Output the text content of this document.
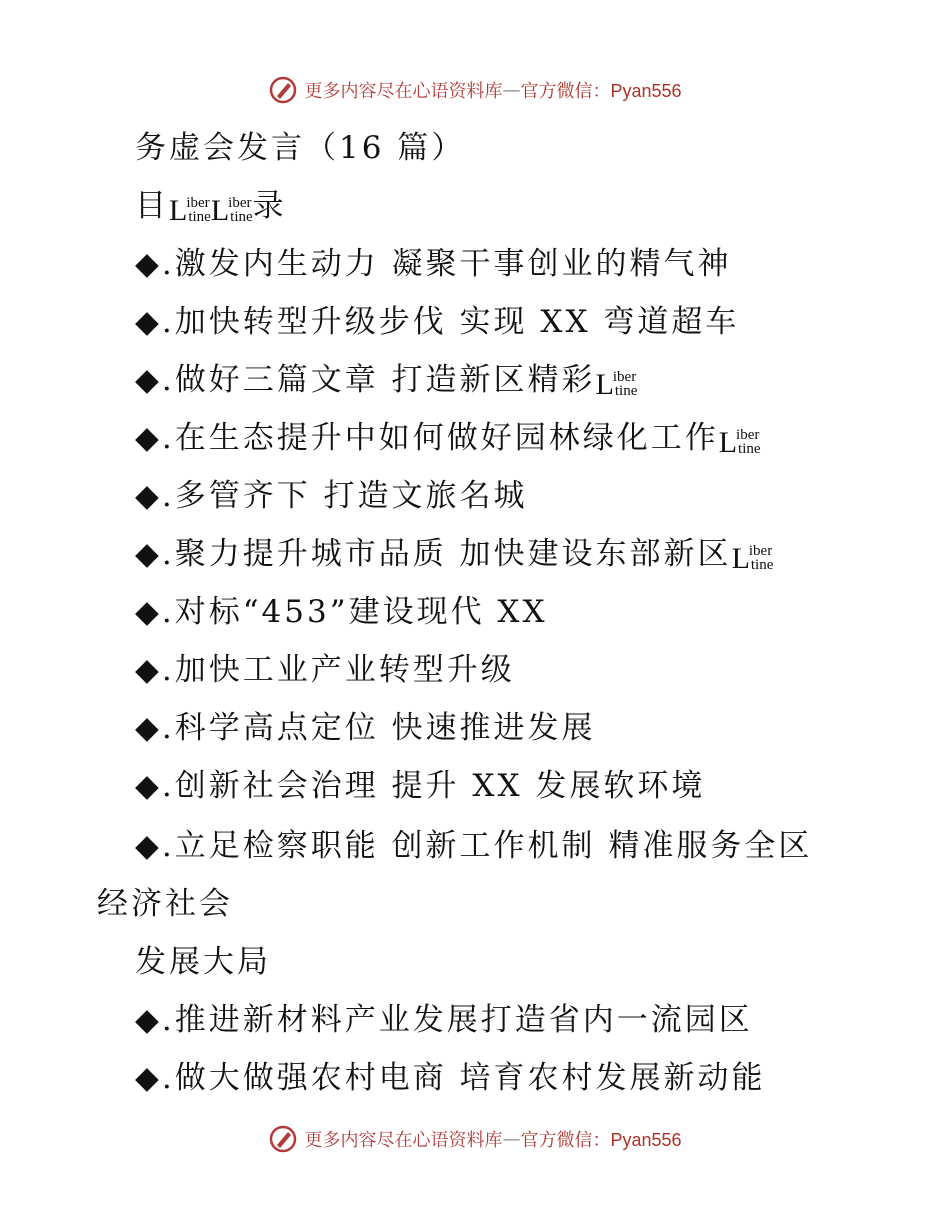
更多内容尽在心语资料库 — 官方微信：Pyan556
务虚会发言（16 篇）
目 L iber
tine L iber
tine 录
◆.激发内生动力 凝聚干事创业的精气神
◆.加快转型升级步伐 实现 XX 弯道超车
◆.做好三篇文章 打造新区精彩 L iber
tine
◆.在生态提升中如何做好园林绿化工作 L iber
tine
◆.多管齐下 打造文旅名城
◆.聚力提升城市品质 加快建设东部新区 L iber
tine
◆.对标“453”建设现代 XX
◆.加快工业产业转型升级
◆.科学高点定位 快速推进发展
◆.创新社会治理 提升 XX 发展软环境
◆.立足检察职能 创新工作机制 精准服务全区
经济社会
发展大局
◆.推进新材料产业发展打造省内一流园区
◆.做大做强农村电商 培育农村发展新动能
更多内容尽在心语资料库 — 官方微信：Pyan556
